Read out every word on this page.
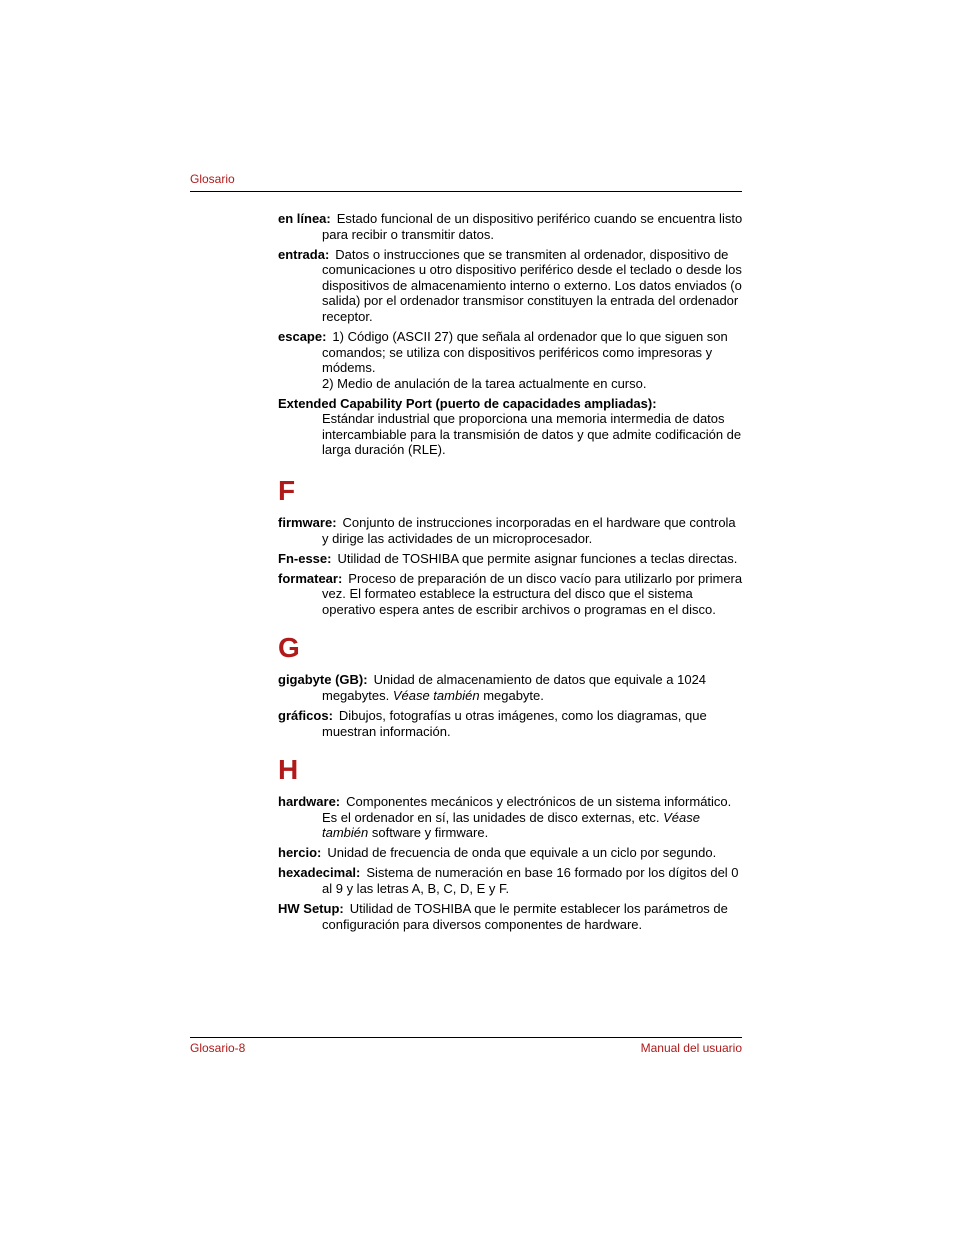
Glosario

en línea: Estado funcional de un dispositivo periférico cuando se encuentra listo para recibir o transmitir datos.

entrada: Datos o instrucciones que se transmiten al ordenador, dispositivo de comunicaciones u otro dispositivo periférico desde el teclado o desde los dispositivos de almacenamiento interno o externo. Los datos enviados (o salida) por el ordenador transmisor constituyen la entrada del ordenador receptor.

escape: 1) Código (ASCII 27) que señala al ordenador que lo que siguen son comandos; se utiliza con dispositivos periféricos como impresoras y módems.
2) Medio de anulación de la tarea actualmente en curso.

Extended Capability Port (puerto de capacidades ampliadas):
Estándar industrial que proporciona una memoria intermedia de datos intercambiable para la transmisión de datos y que admite codificación de larga duración (RLE).

F

firmware: Conjunto de instrucciones incorporadas en el hardware que controla y dirige las actividades de un microprocesador.

Fn-esse: Utilidad de TOSHIBA que permite asignar funciones a teclas directas.

formatear: Proceso de preparación de un disco vacío para utilizarlo por primera vez. El formateo establece la estructura del disco que el sistema operativo espera antes de escribir archivos o programas en el disco.

G

gigabyte (GB): Unidad de almacenamiento de datos que equivale a 1024 megabytes. Véase también megabyte.

gráficos: Dibujos, fotografías u otras imágenes, como los diagramas, que muestran información.

H

hardware: Componentes mecánicos y electrónicos de un sistema informático. Es el ordenador en sí, las unidades de disco externas, etc. Véase también software y firmware.

hercio: Unidad de frecuencia de onda que equivale a un ciclo por segundo.

hexadecimal: Sistema de numeración en base 16 formado por los dígitos del 0 al 9 y las letras A, B, C, D, E y F.

HW Setup: Utilidad de TOSHIBA que le permite establecer los parámetros de configuración para diversos componentes de hardware.

Glosario-8	Manual del usuario
